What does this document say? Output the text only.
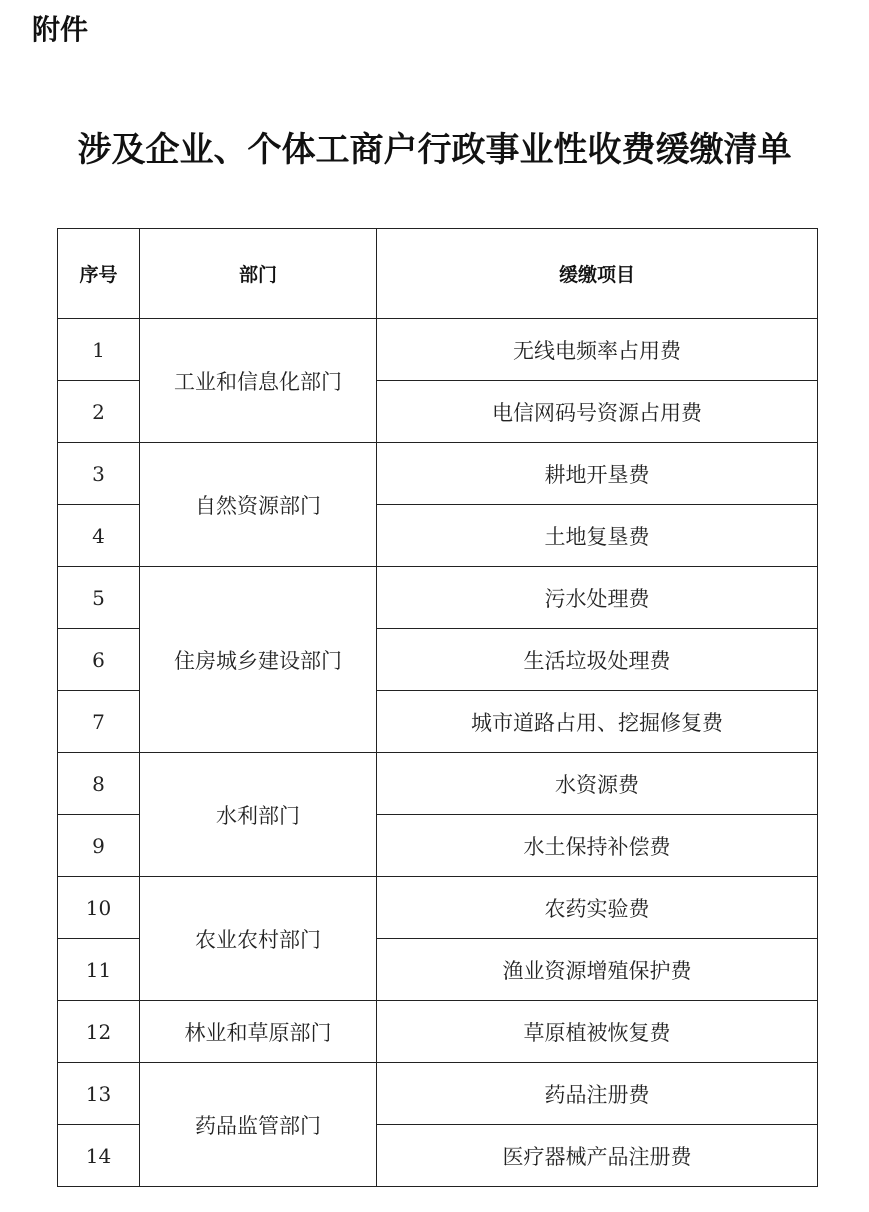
附件
涉及企业、个体工商户行政事业性收费缓缴清单
序号	部门	缓缴项目
1	工业和信息化部门	无线电频率占用费
2		电信网码号资源占用费
3	自然资源部门	耕地开垦费
4		土地复垦费
5	住房城乡建设部门	污水处理费
6		生活垃圾处理费
7		城市道路占用、挖掘修复费
8	水利部门	水资源费
9		水土保持补偿费
10	农业农村部门	农药实验费
11		渔业资源增殖保护费
12	林业和草原部门	草原植被恢复费
13	药品监管部门	药品注册费
14		医疗器械产品注册费
